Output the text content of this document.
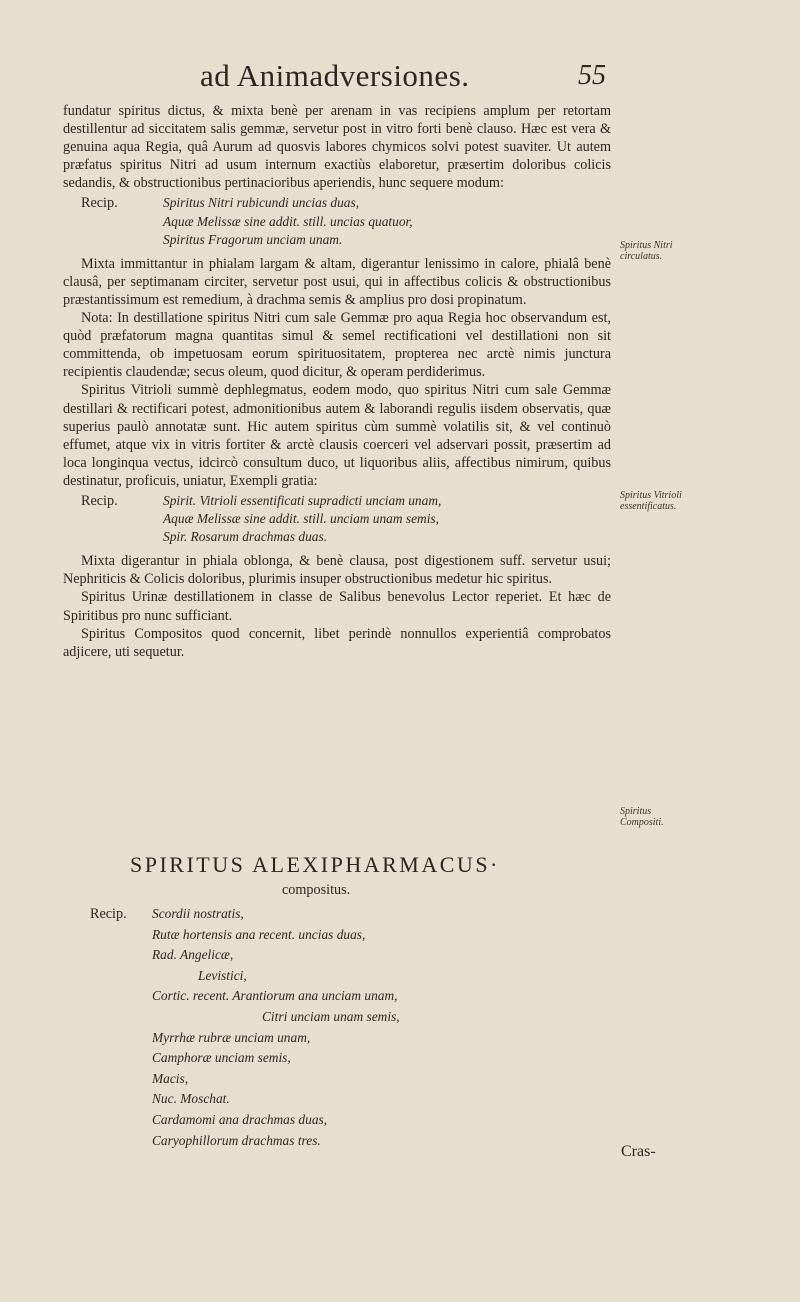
ad Animadversiones.	55

fundatur spiritus dictus, & mixta benè per arenam in vas recipiens amplum per retortam destillentur ad siccitatem salis gemmæ, servetur post in vitro forti benè clauso. Hæc est vera & genuina aqua Regia, quâ Aurum ad quosvis labores chymicos solvi potest suaviter. Ut autem præfatus spiritus Nitri ad usum internum exactiùs elaboretur, præsertim doloribus colicis sedandis, & obstructionibus pertinacioribus aperiendis, hunc sequere modum:

Recip.	Spiritus Nitri rubicundi uncias duas,
Aquæ Melissæ sine addit. still. uncias quatuor,
Spiritus Fragorum unciam unam.

Mixta immittantur in phialam largam & altam, digerantur lenissimo in calore, phialâ benè clausâ, per septimanam circiter, servetur post usui, qui in affectibus colicis & obstructionibus præstantissimum est remedium, à drachma semis & amplius pro dosi propinatum.

Nota: In destillatione spiritus Nitri cum sale Gemmæ pro aqua Regia hoc observandum est, quòd præfatorum magna quantitas simul & semel rectificationi vel destillationi non sit committenda, ob impetuosam eorum spirituositatem, propterea nec arctè nimis junctura recipientis claudendæ; secus oleum, quod dicitur, & operam perdiderimus.

Spiritus Vitrioli summè dephlegmatus, eodem modo, quo spiritus Nitri cum sale Gemmæ destillari & rectificari potest, admonitionibus autem & laborandi regulis iisdem observatis, quæ superius paulò annotatæ sunt. Hic autem spiritus cùm summè volatilis sit, & vel continuò effumet, atque vix in vitris fortiter & arctè clausis coerceri vel adservari possit, præsertim ad loca longinqua vectus, idcircò consultum duco, ut liquoribus aliis, affectibus nimirum, quibus destinatur, proficuis, uniatur, Exempli gratia:

Recip.	Spirit. Vitrioli essentificati supradicti unciam unam,
Aquæ Melissæ sine addit. still. unciam unam semis,
Spir. Rosarum drachmas duas.

Mixta digerantur in phiala oblonga, & benè clausa, post digestionem suff. servetur usui; Nephriticis & Colicis doloribus, plurimis insuper obstructionibus medetur hic spiritus.

Spiritus Urinæ destillationem in classe de Salibus benevolus Lector reperiet. Et hæc de Spiritibus pro nunc sufficiant.

Spiritus Compositos quod concernit, libet perindè nonnullos experientiâ comprobatos adjicere, uti sequetur.

Spiritus Nitri circulatus.
Spiritus Vitrioli essentificatus.
Spiritus Compositi.
SPIRITUS ALEXIPHARMACUS·
compositus.
Recip.	Scordii nostratis,
Rutæ hortensis ana recent. uncias duas,
Rad. Angelicæ,
Levistici,
Cortic. recent. Arantiorum ana unciam unam,
Citri unciam unam semis,
Myrrhæ rubræ unciam unam,
Camphoræ unciam semis,
Macis,
Nuc. Moschat.
Cardamomi ana drachmas duas,
Caryophillorum drachmas tres.
Cras-
